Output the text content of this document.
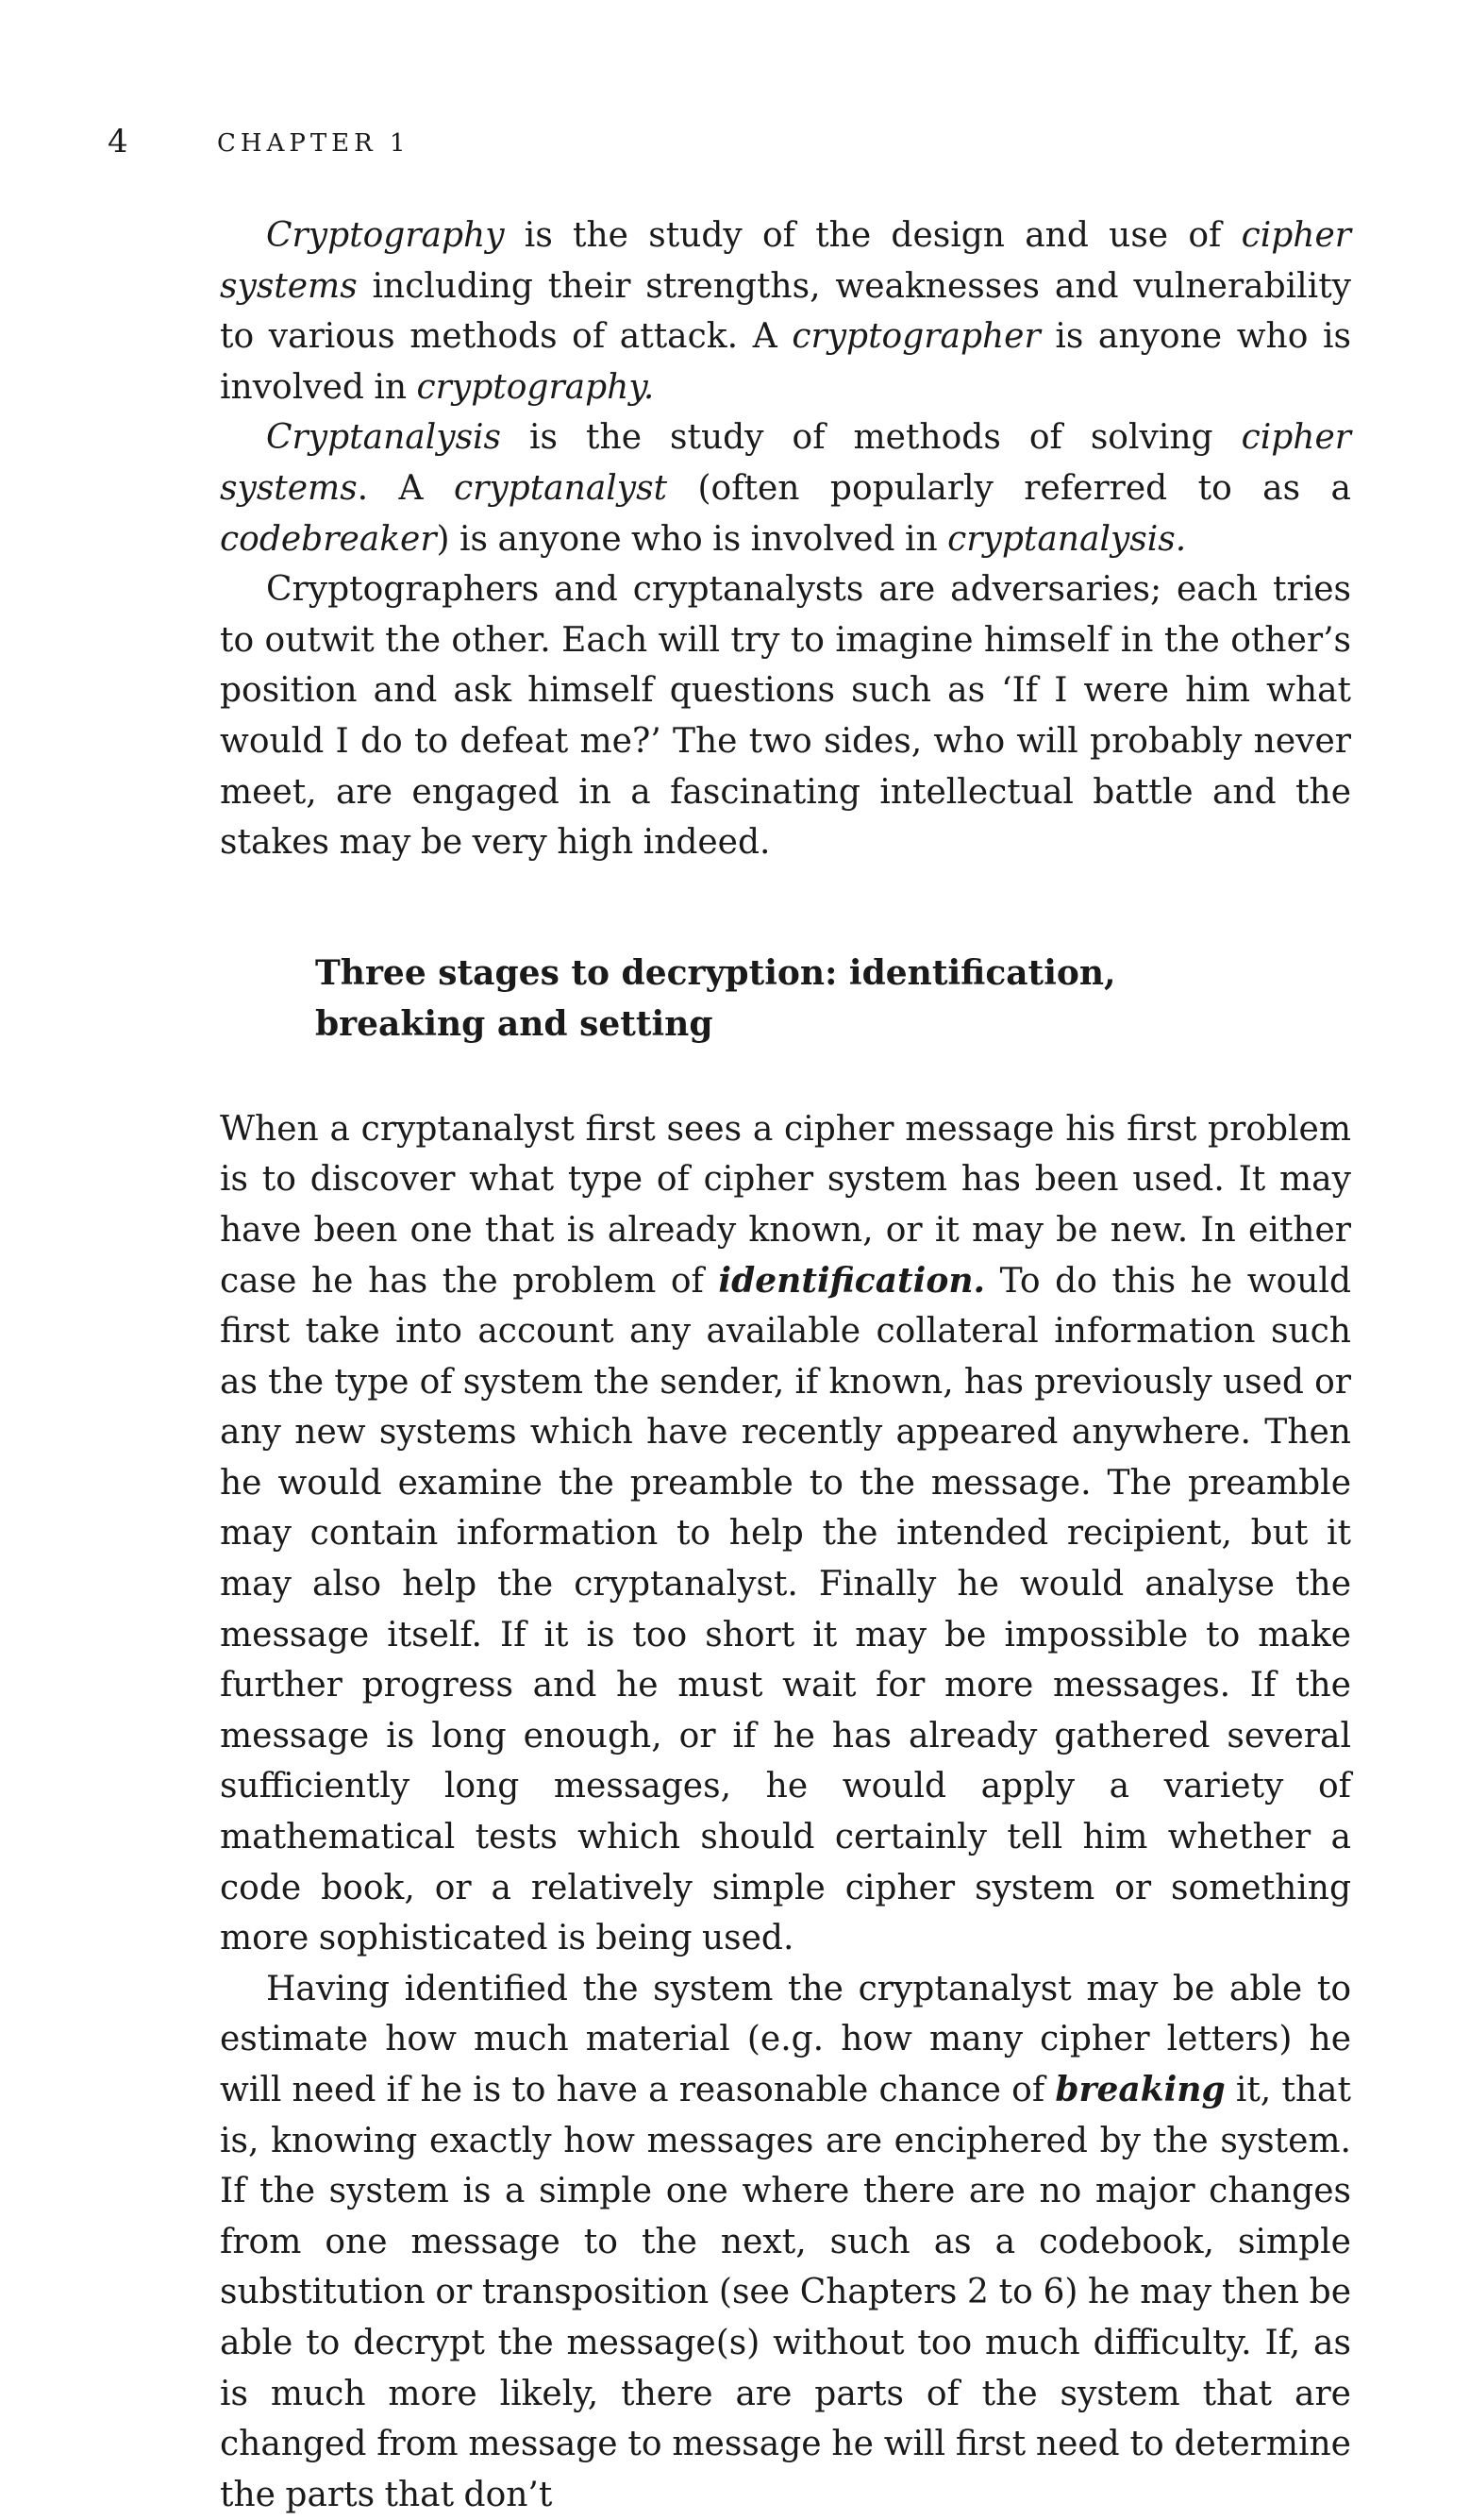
4	CHAPTER 1

Cryptography is the study of the design and use of cipher systems including their strengths, weaknesses and vulnerability to various methods of attack. A cryptographer is anyone who is involved in cryptography.

Cryptanalysis is the study of methods of solving cipher systems. A cryptanalyst (often popularly referred to as a codebreaker) is anyone who is involved in cryptanalysis.

Cryptographers and cryptanalysts are adversaries; each tries to outwit the other. Each will try to imagine himself in the other’s position and ask himself questions such as ‘If I were him what would I do to defeat me?’ The two sides, who will probably never meet, are engaged in a fascinating intellectual battle and the stakes may be very high indeed.

Three stages to decryption: identification, breaking and setting

When a cryptanalyst first sees a cipher message his first problem is to discover what type of cipher system has been used. It may have been one that is already known, or it may be new. In either case he has the problem of identification. To do this he would first take into account any available collateral information such as the type of system the sender, if known, has previously used or any new systems which have recently appeared anywhere. Then he would examine the preamble to the message. The preamble may contain information to help the intended recipient, but it may also help the cryptanalyst. Finally he would analyse the message itself. If it is too short it may be impossible to make further progress and he must wait for more messages. If the message is long enough, or if he has already gathered several sufficiently long messages, he would apply a variety of mathematical tests which should certainly tell him whether a code book, or a relatively simple cipher system or something more sophisticated is being used.

Having identified the system the cryptanalyst may be able to estimate how much material (e.g. how many cipher letters) he will need if he is to have a reasonable chance of breaking it, that is, knowing exactly how messages are enciphered by the system. If the system is a simple one where there are no major changes from one message to the next, such as a codebook, simple substitution or transposition (see Chapters 2 to 6) he may then be able to decrypt the message(s) without too much difficulty. If, as is much more likely, there are parts of the system that are changed from message to message he will first need to determine the parts that don’t
